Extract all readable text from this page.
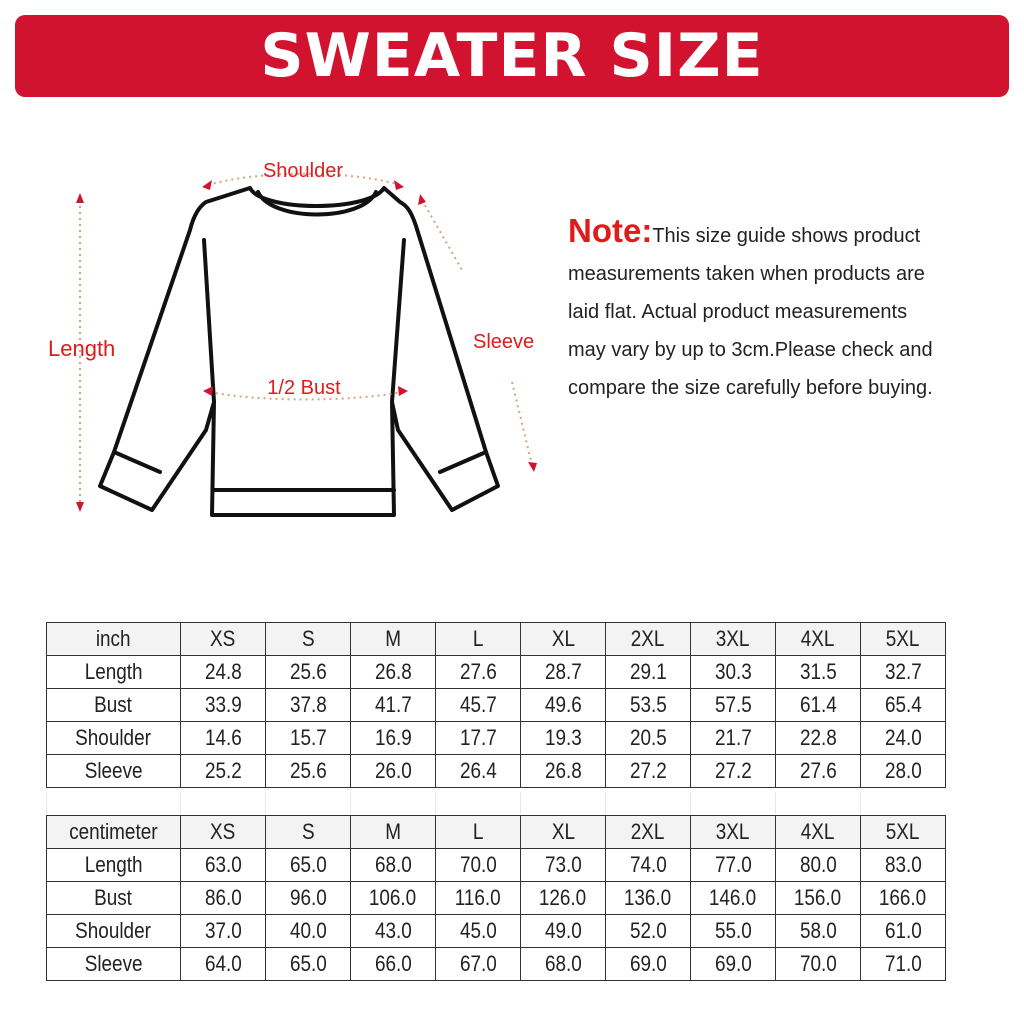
SWEATER SIZE
Shoulder
Length	Sleeve
1/2 Bust
Note:This size guide shows product
measurements taken when products are
laid flat. Actual product measurements
may vary by up to 3cm.Please check and
compare the size carefully before buying.
inch	XS	S	M	L	XL	2XL	3XL	4XL	5XL
Length	24.8	25.6	26.8	27.6	28.7	29.1	30.3	31.5	32.7
Bust	33.9	37.8	41.7	45.7	49.6	53.5	57.5	61.4	65.4
Shoulder	14.6	15.7	16.9	17.7	19.3	20.5	21.7	22.8	24.0
Sleeve	25.2	25.6	26.0	26.4	26.8	27.2	27.2	27.6	28.0
centimeter	XS	S	M	L	XL	2XL	3XL	4XL	5XL
Length	63.0	65.0	68.0	70.0	73.0	74.0	77.0	80.0	83.0
Bust	86.0	96.0	106.0	116.0	126.0	136.0	146.0	156.0	166.0
Shoulder	37.0	40.0	43.0	45.0	49.0	52.0	55.0	58.0	61.0
Sleeve	64.0	65.0	66.0	67.0	68.0	69.0	69.0	70.0	71.0
